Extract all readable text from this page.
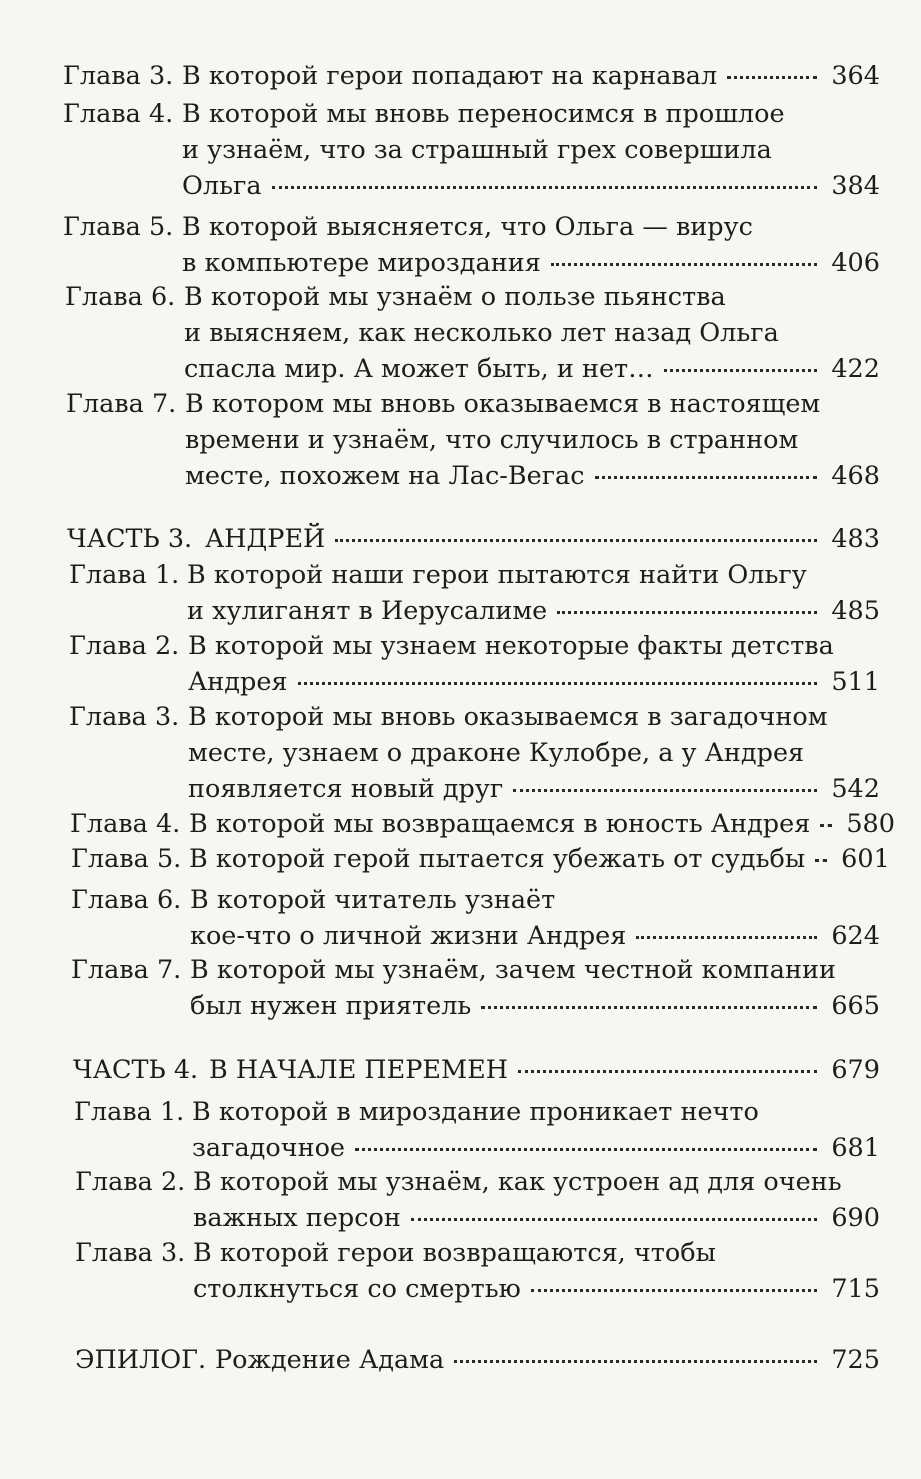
Глава 3. В которой герои попадают на карнавал	364
Глава 4. В которой мы вновь переносимся в прошлое
и узнаём, что за страшный грех совершила
Ольга	384
Глава 5. В которой выясняется, что Ольга — вирус
в компьютере мироздания	406
Глава 6. В которой мы узнаём о пользе пьянства
и выясняем, как несколько лет назад Ольга
спасла мир. А может быть, и нет…	422
Глава 7. В котором мы вновь оказываемся в настоящем
времени и узнаём, что случилось в странном
месте, похожем на Лас-Вегас	468
ЧАСТЬ 3. АНДРЕЙ	483
Глава 1. В которой наши герои пытаются найти Ольгу
и хулиганят в Иерусалиме	485
Глава 2. В которой мы узнаем некоторые факты детства
Андрея	511
Глава 3. В которой мы вновь оказываемся в загадочном
месте, узнаем о драконе Кулобре, а у Андрея
появляется новый друг	542
Глава 4. В которой мы возвращаемся в юность Андрея 580
Глава 5. В которой герой пытается убежать от судьбы 601
Глава 6. В которой читатель узнаёт
кое-что о личной жизни Андрея	624
Глава 7. В которой мы узнаём, зачем честной компании
был нужен приятель	665
ЧАСТЬ 4. В НАЧАЛЕ ПЕРЕМЕН	679
Глава 1. В которой в мироздание проникает нечто
загадочное	681
Глава 2. В которой мы узнаём, как устроен ад для очень
важных персон	690
Глава 3. В которой герои возвращаются, чтобы
столкнуться со смертью	715
ЭПИЛОГ. Рождение Адама	725
